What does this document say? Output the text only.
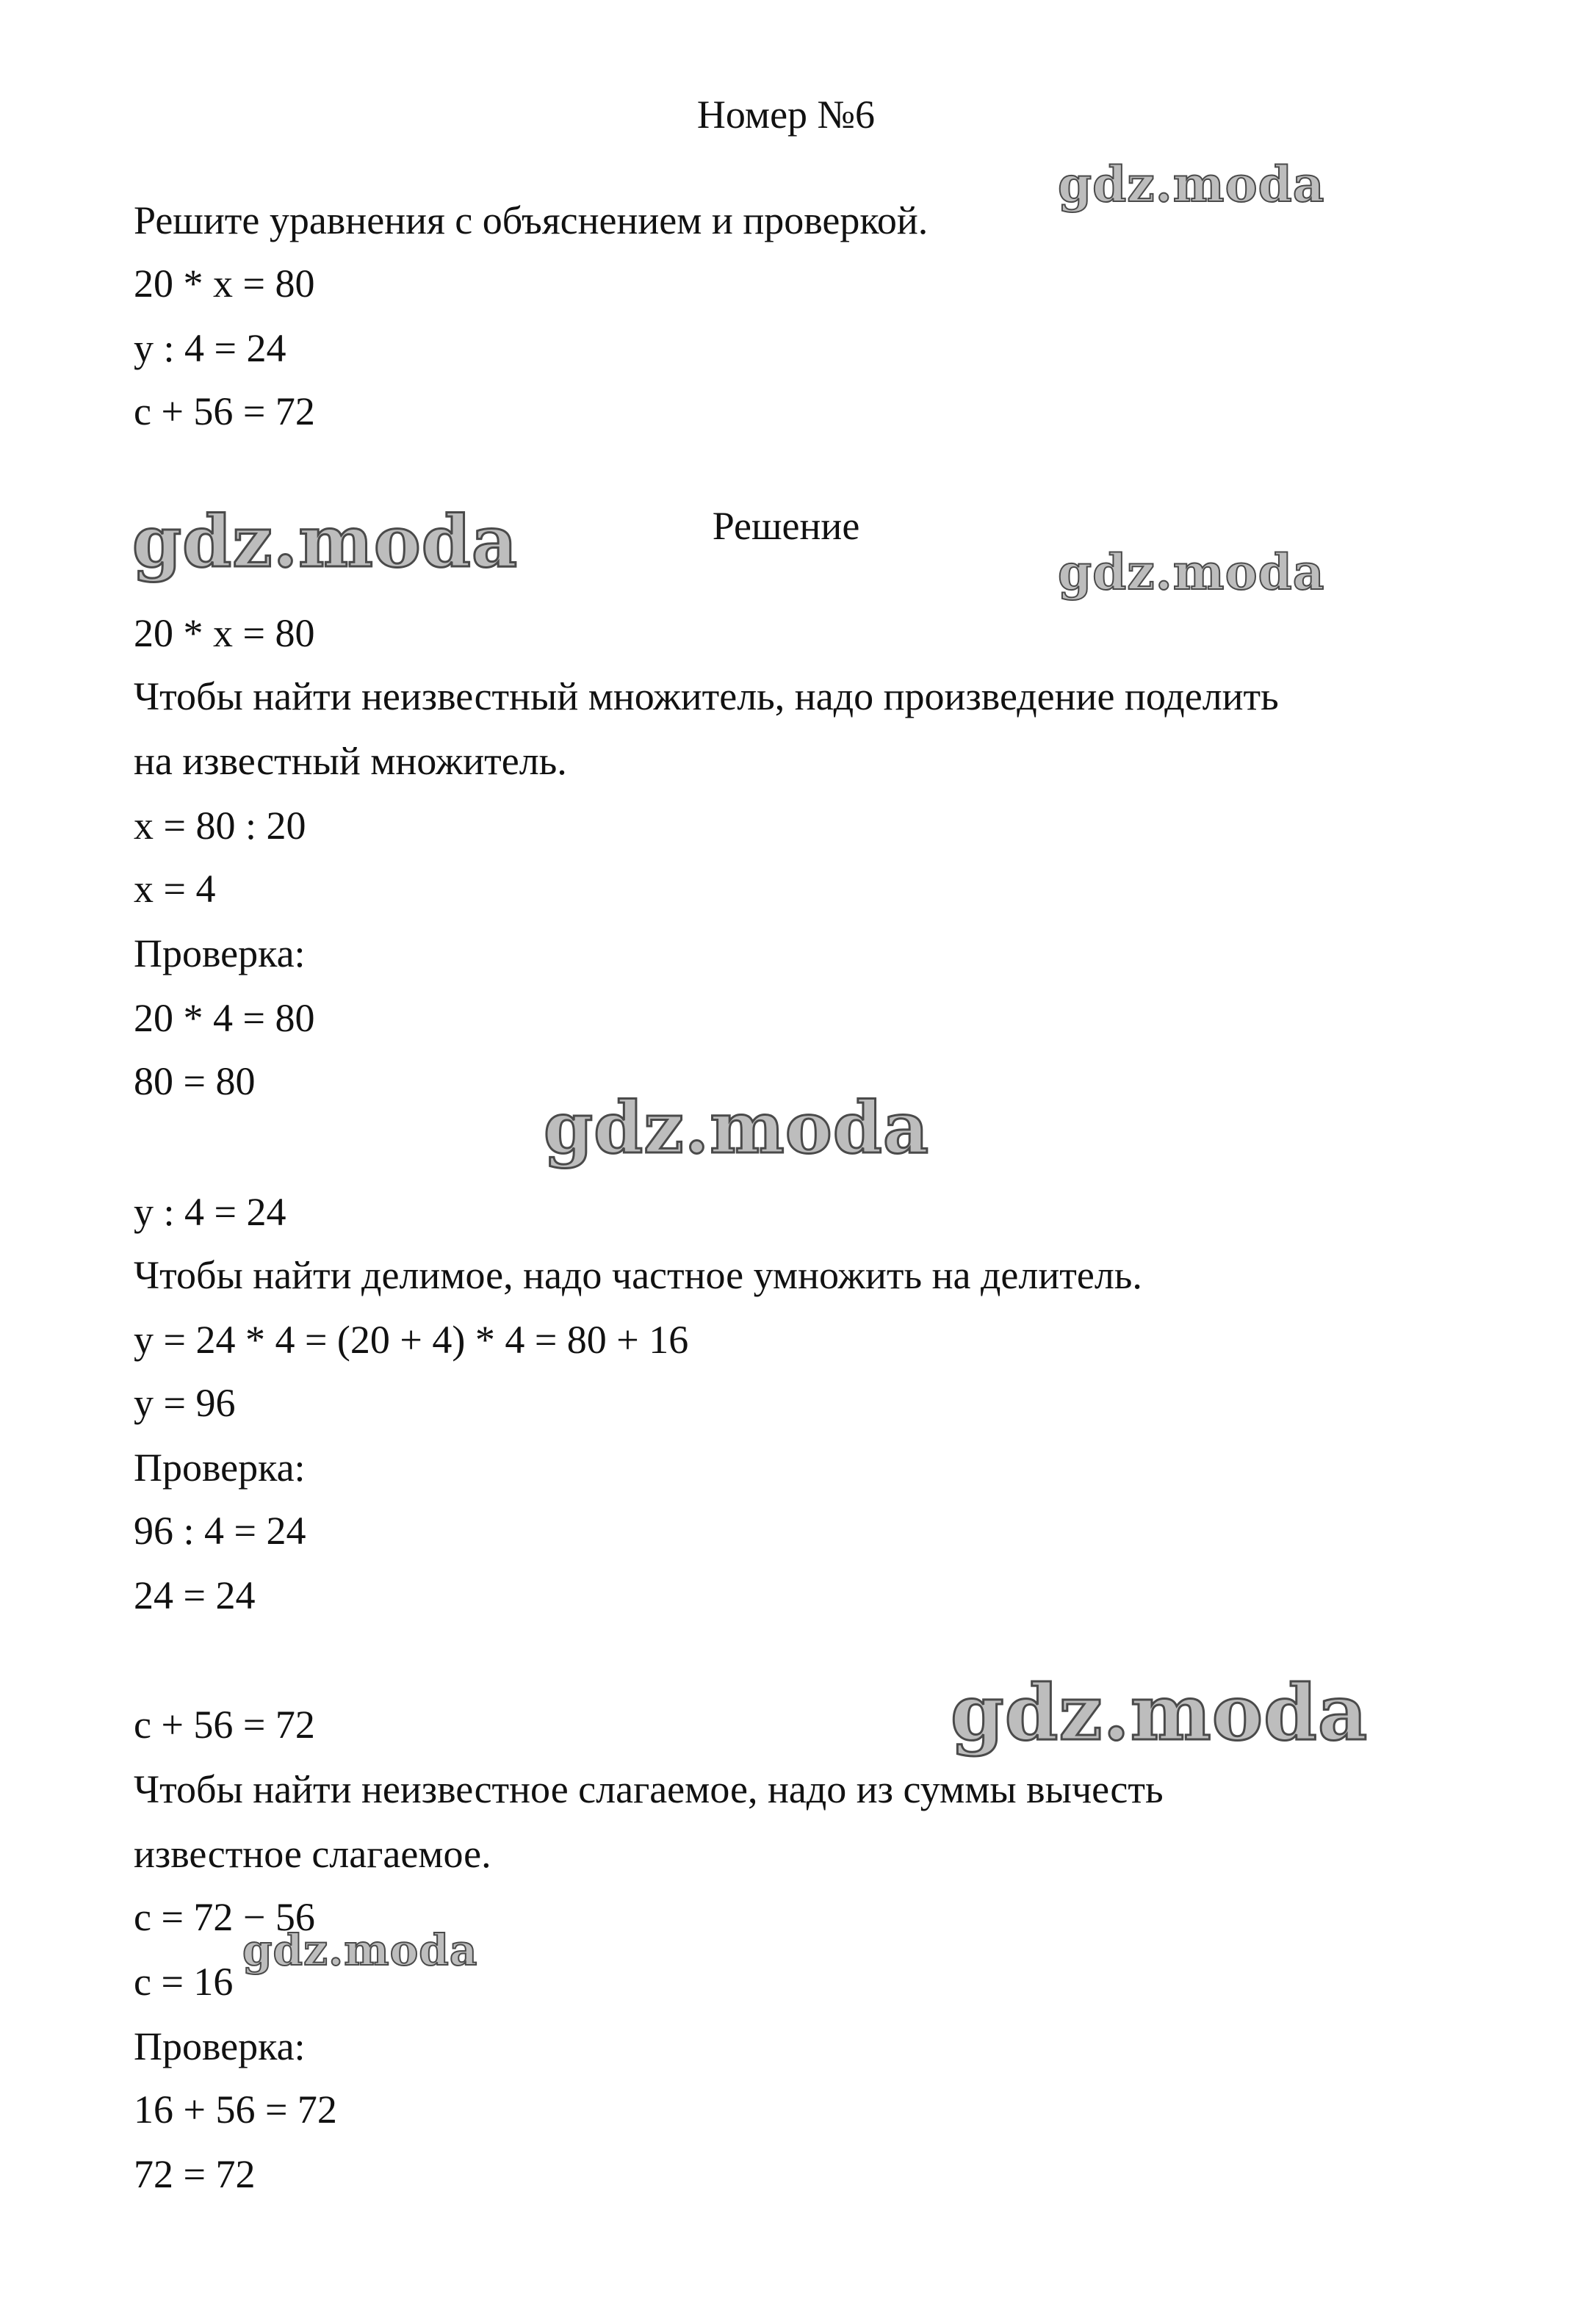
Номер №6
Решите уравнения с объяснением и проверкой.
20 * x = 80
y : 4 = 24
c + 56 = 72
Решение
20 * x = 80
Чтобы найти неизвестный множитель, надо произведение поделить
на известный множитель.
x = 80 : 20
x = 4
Проверка:
20 * 4 = 80
80 = 80
y : 4 = 24
Чтобы найти делимое, надо частное умножить на делитель.
y = 24 * 4 = (20 + 4) * 4 = 80 + 16
y = 96
Проверка:
96 : 4 = 24
24 = 24
c + 56 = 72
Чтобы найти неизвестное слагаемое, надо из суммы вычесть
известное слагаемое.
c = 72 − 56
c = 16
Проверка:
16 + 56 = 72
72 = 72
gdz.moda
gdz.moda	gdz.moda
gdz.moda
gdz.moda
gdz.moda
